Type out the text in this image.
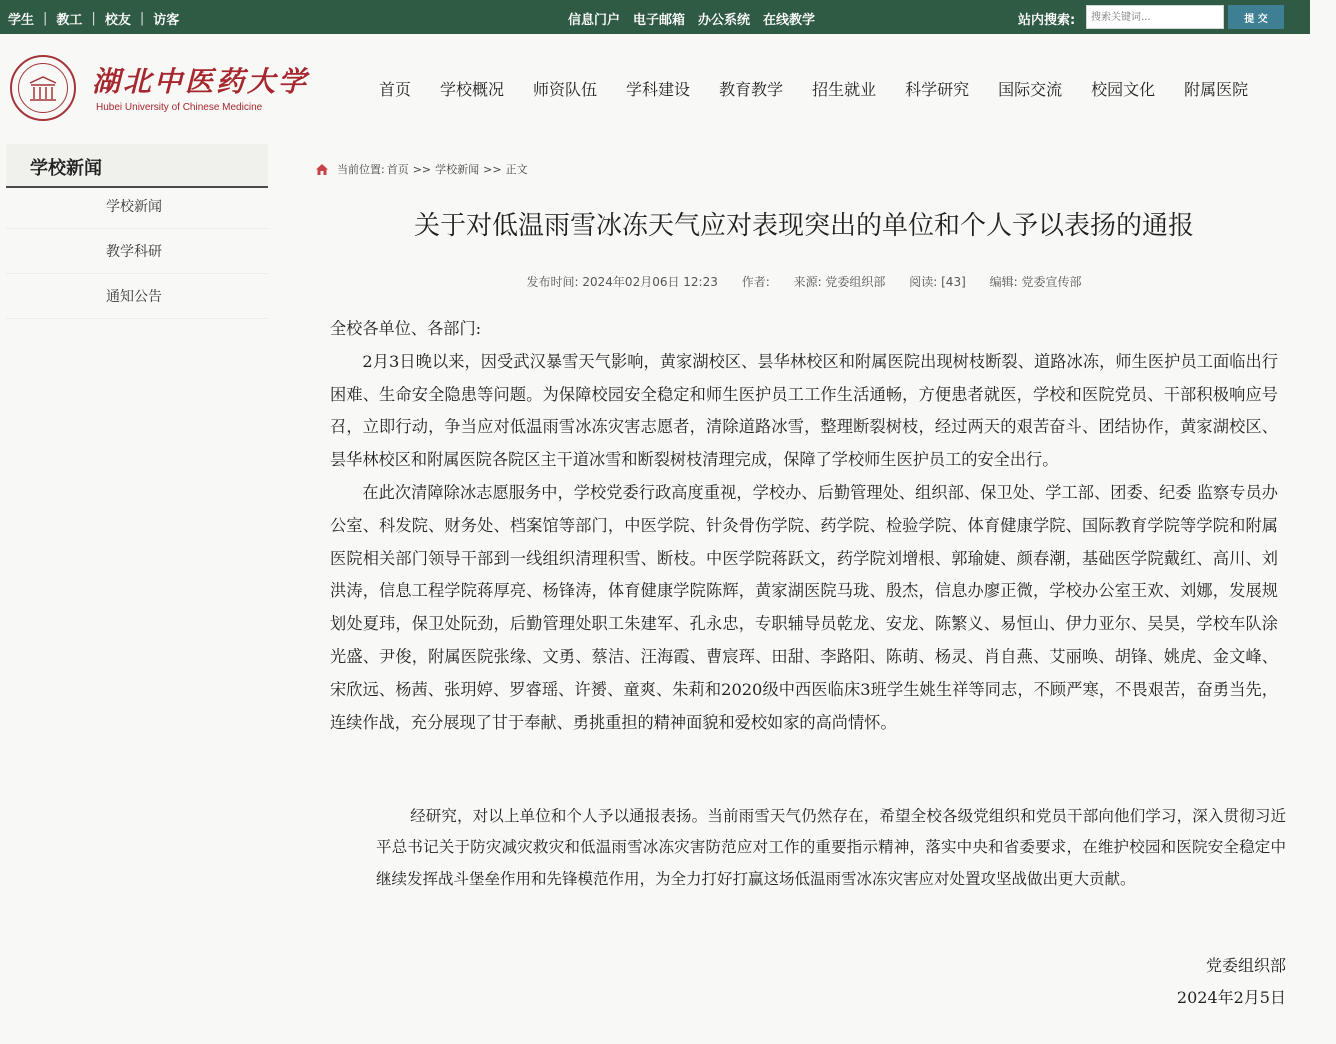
学生 | 教工 | 校友 | 访客	信息门户 电子邮箱 办公系统 在线教学	站内搜索:
搜索关键词...	提 交
湖北中医药大学
Hubei University of Chinese Medicine
首页 学校概况 师资队伍 学科建设 教育教学 招生就业 科学研究 国际交流 校园文化 附属医院
学校新闻
学校新闻
教学科研
通知公告
当前位置: 首页 >> 学校新闻 >> 正文
关于对低温雨雪冰冻天气应对表现突出的单位和个人予以表扬的通报
发布时间: 2024年02月06日 12:23 作者: 来源: 党委组织部 阅读: [43] 编辑: 党委宣传部

全校各单位、各部门:

2月3日晚以来，因受武汉暴雪天气影响，黄家湖校区、昙华林校区和附属医院出现树枝断裂、道路冰冻，师生医护员工面临出行困难、生命安全隐患等问题。为保障校园安全稳定和师生医护员工工作生活通畅，方便患者就医，学校和医院党员、干部积极响应号召，立即行动，争当应对低温雨雪冰冻灾害志愿者，清除道路冰雪，整理断裂树枝，经过两天的艰苦奋斗、团结协作，黄家湖校区、昙华林校区和附属医院各院区主干道冰雪和断裂树枝清理完成，保障了学校师生医护员工的安全出行。

在此次清障除冰志愿服务中，学校党委行政高度重视，学校办、后勤管理处、组织部、保卫处、学工部、团委、纪委 监察专员办公室、科发院、财务处、档案馆等部门，中医学院、针灸骨伤学院、药学院、检验学院、体育健康学院、国际教育学院等学院和附属医院相关部门领导干部到一线组织清理积雪、断枝。中医学院蒋跃文，药学院刘增根、郭瑜婕、颜春潮，基础医学院戴红、高川、刘洪涛，信息工程学院蒋厚亮、杨锋涛，体育健康学院陈辉，黄家湖医院马珑、殷杰，信息办廖正微，学校办公室王欢、刘娜，发展规划处夏玮，保卫处阮劲，后勤管理处职工朱建军、孔永忠，专职辅导员乾龙、安龙、陈繁义、易恒山、伊力亚尔、吴昊，学校车队涂光盛、尹俊，附属医院张缘、文勇、蔡洁、汪海霞、曹宸珲、田甜、李路阳、陈萌、杨灵、肖自燕、艾丽唤、胡锋、姚虎、金文峰、宋欣远、杨茜、张玥婷、罗睿瑶、许赟、童爽、朱莉和2020级中西医临床3班学生姚生祥等同志，不顾严寒，不畏艰苦，奋勇当先，连续作战，充分展现了甘于奉献、勇挑重担的精神面貌和爱校如家的高尚情怀。

经研究，对以上单位和个人予以通报表扬。当前雨雪天气仍然存在，希望全校各级党组织和党员干部向他们学习，深入贯彻习近平总书记关于防灾减灾救灾和低温雨雪冰冻灾害防范应对工作的重要指示精神，落实中央和省委要求，在维护校园和医院安全稳定中继续发挥战斗堡垒作用和先锋模范作用，为全力打好打赢这场低温雨雪冰冻灾害应对处置攻坚战做出更大贡献。
党委组织部
2024年2月5日
